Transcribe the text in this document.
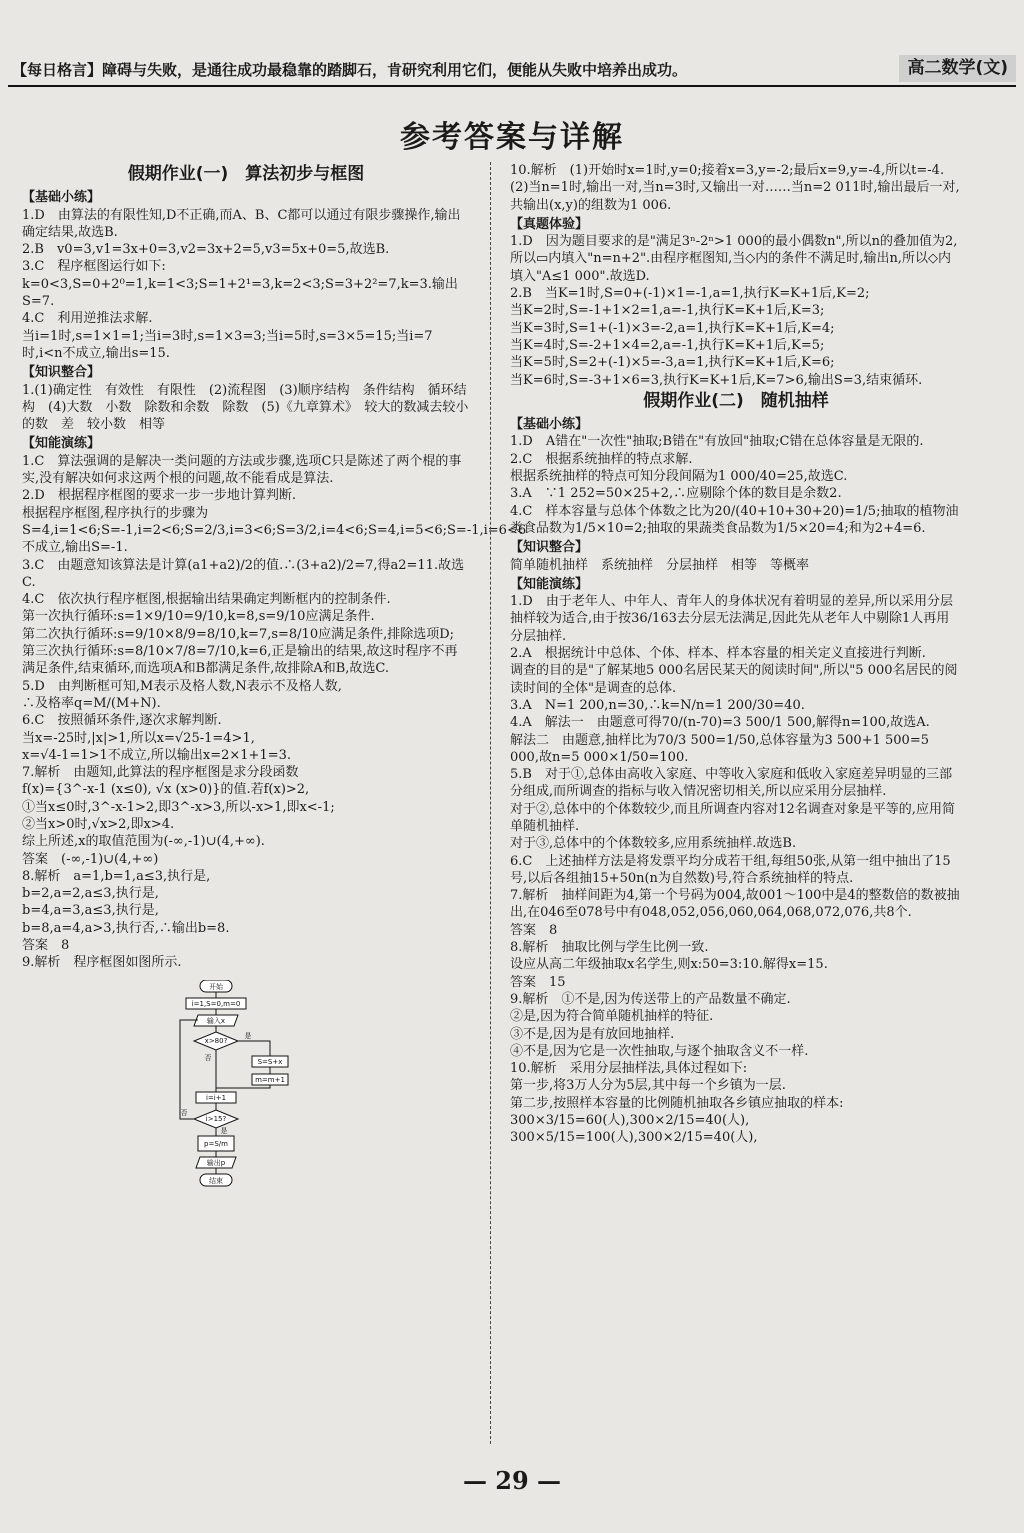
【每日格言】障碍与失败，是通往成功最稳靠的踏脚石，肯研究利用它们，便能从失败中培养出成功。	高二数学(文)
参考答案与详解
假期作业(一)　算法初步与框图
【基础小练】

1.D　由算法的有限性知,D不正确,而A、B、C都可以通过有限步骤操作,输出确定结果,故选B.

2.B　v0=3,v1=3x+0=3,v2=3x+2=5,v3=5x+0=5,故选B.

3.C　程序框图运行如下:

k=0<3,S=0+2⁰=1,k=1<3;S=1+2¹=3,k=2<3;S=3+2²=7,k=3.输出S=7.

4.C　利用逆推法求解.

当i=1时,s=1×1=1;当i=3时,s=1×3=3;当i=5时,s=3×5=15;当i=7时,i<n不成立,输出s=15.

【知识整合】

1.(1)确定性　有效性　有限性　(2)流程图　(3)顺序结构　条件结构　循环结构　(4)大数　小数　除数和余数　除数　(5)《九章算术》　较大的数减去较小的数　差　较小数　相等

【知能演练】

1.C　算法强调的是解决一类问题的方法或步骤,选项C只是陈述了两个棍的事实,没有解决如何求这两个根的问题,故不能看成是算法.

2.D　根据程序框图的要求一步一步地计算判断.

根据程序框图,程序执行的步骤为

S=4,i=1<6;S=-1,i=2<6;S=2/3,i=3<6;S=3/2,i=4<6;S=4,i=5<6;S=-1,i=6<6不成立,输出S=-1.

3.C　由题意知该算法是计算(a1+a2)/2的值.∴(3+a2)/2=7,得a2=11.故选C.

4.C　依次执行程序框图,根据输出结果确定判断框内的控制条件.

第一次执行循环:s=1×9/10=9/10,k=8,s=9/10应满足条件.

第二次执行循环:s=9/10×8/9=8/10,k=7,s=8/10应满足条件,排除选项D;

第三次执行循环:s=8/10×7/8=7/10,k=6,正是输出的结果,故这时程序不再满足条件,结束循环,而选项A和B都满足条件,故排除A和B,故选C.

5.D　由判断框可知,M表示及格人数,N表示不及格人数,

∴及格率q=M/(M+N).

6.C　按照循环条件,逐次求解判断.

当x=-25时,|x|>1,所以x=√25-1=4>1,

x=√4-1=1>1不成立,所以输出x=2×1+1=3.

7.解析　由题知,此算法的程序框图是求分段函数

f(x)={3^-x-1 (x≤0), √x (x>0)}的值.若f(x)>2,

①当x≤0时,3^-x-1>2,即3^-x>3,所以-x>1,即x<-1;

②当x>0时,√x>2,即x>4.

综上所述,x的取值范围为(-∞,-1)∪(4,+∞).

答案　(-∞,-1)∪(4,+∞)

8.解析　a=1,b=1,a≤3,执行是,

b=2,a=2,a≤3,执行是,

b=4,a=3,a≤3,执行是,

b=8,a=4,a>3,执行否,∴输出b=8.

答案　8

9.解析　程序框图如图所示.

开始
i=1,S=0,m=0
输入x
x>80?
是
否	S=S+x
m=m+1
i=i+1
i>15?
是
否
p=S/m
输出p
结束

10.解析　(1)开始时x=1时,y=0;接着x=3,y=-2;最后x=9,y=-4,所以t=-4.

(2)当n=1时,输出一对,当n=3时,又输出一对……当n=2 011时,输出最后一对,共输出(x,y)的组数为1 006.

【真题体验】

1.D　因为题目要求的是"满足3ⁿ-2ⁿ>1 000的最小偶数n",所以n的叠加值为2,所以▭内填入"n=n+2".由程序框图知,当◇内的条件不满足时,输出n,所以◇内填入"A≤1 000".故选D.

2.B　当K=1时,S=0+(-1)×1=-1,a=1,执行K=K+1后,K=2;

当K=2时,S=-1+1×2=1,a=-1,执行K=K+1后,K=3;

当K=3时,S=1+(-1)×3=-2,a=1,执行K=K+1后,K=4;

当K=4时,S=-2+1×4=2,a=-1,执行K=K+1后,K=5;

当K=5时,S=2+(-1)×5=-3,a=1,执行K=K+1后,K=6;

当K=6时,S=-3+1×6=3,执行K=K+1后,K=7>6,输出S=3,结束循环.

假期作业(二)　随机抽样
【基础小练】

1.D　A错在"一次性"抽取;B错在"有放回"抽取;C错在总体容量是无限的.

2.C　根据系统抽样的特点求解.

根据系统抽样的特点可知分段间隔为1 000/40=25,故选C.

3.A　∵1 252=50×25+2,∴应剔除个体的数目是余数2.

4.C　样本容量与总体个体数之比为20/(40+10+30+20)=1/5;抽取的植物油类食品数为1/5×10=2;抽取的果蔬类食品数为1/5×20=4;和为2+4=6.

【知识整合】

简单随机抽样　系统抽样　分层抽样　相等　等概率

【知能演练】

1.D　由于老年人、中年人、青年人的身体状况有着明显的差异,所以采用分层抽样较为适合,由于按36/163去分层无法满足,因此先从老年人中剔除1人再用分层抽样.

2.A　根据统计中总体、个体、样本、样本容量的相关定义直接进行判断.

调查的目的是"了解某地5 000名居民某天的阅读时间",所以"5 000名居民的阅读时间的全体"是调查的总体.

3.A　N=1 200,n=30,∴k=N/n=1 200/30=40.

4.A　解法一　由题意可得70/(n-70)=3 500/1 500,解得n=100,故选A.

解法二　由题意,抽样比为70/3 500=1/50,总体容量为3 500+1 500=5 000,故n=5 000×1/50=100.

5.B　对于①,总体由高收入家庭、中等收入家庭和低收入家庭差异明显的三部分组成,而所调查的指标与收入情况密切相关,所以应采用分层抽样.

对于②,总体中的个体数较少,而且所调查内容对12名调查对象是平等的,应用简单随机抽样.

对于③,总体中的个体数较多,应用系统抽样.故选B.

6.C　上述抽样方法是将发票平均分成若干组,每组50张,从第一组中抽出了15号,以后各组抽15+50n(n为自然数)号,符合系统抽样的特点.

7.解析　抽样间距为4,第一个号码为004,故001～100中是4的整数倍的数被抽出,在046至078号中有048,052,056,060,064,068,072,076,共8个.

答案　8

8.解析　抽取比例与学生比例一致.

设应从高二年级抽取x名学生,则x:50=3:10.解得x=15.

答案　15

9.解析　①不是,因为传送带上的产品数量不确定.

②是,因为符合简单随机抽样的特征.

③不是,因为是有放回地抽样.

④不是,因为它是一次性抽取,与逐个抽取含义不一样.

10.解析　采用分层抽样法,具体过程如下:

第一步,将3万人分为5层,其中每一个乡镇为一层.

第二步,按照样本容量的比例随机抽取各乡镇应抽取的样本:

300×3/15=60(人),300×2/15=40(人),

300×5/15=100(人),300×2/15=40(人),

— 29 —
